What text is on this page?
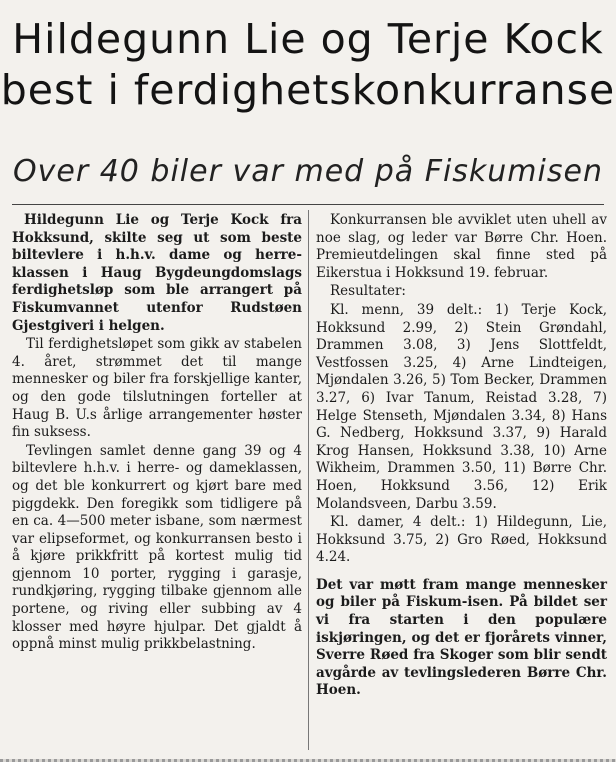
Hildegunn Lie og Terje Kock
best i ferdighetskonkurranse
Over 40 biler var med på Fiskumisen

Hildegunn Lie og Terje Kock fra Hokksund, skilte seg ut som beste biltevlere i h.h.v. dame og herre-klassen i Haug Bygdeungdomslags ferdighetsløp som ble arrangert på Fiskumvannet utenfor Rudstøen Gjestgiveri i helgen.

Til ferdighetsløpet som gikk av stabelen 4. året, strømmet det til mange mennesker og biler fra forskjellige kanter, og den gode tilslutningen forteller at Haug B. U.s årlige arrangementer høster fin suksess.

Tevlingen samlet denne gang 39 og 4 biltevlere h.h.v. i herre- og dameklassen, og det ble konkurrert og kjørt bare med piggdekk. Den foregikk som tidligere på en ca. 4—500 meter isbane, som nærmest var elipseformet, og konkurransen besto i å kjøre prikkfritt på kortest mulig tid gjennom 10 porter, rygging i garasje, rundkjøring, rygging tilbake gjennom alle portene, og riving eller subbing av 4 klosser med høyre hjulpar. Det gjaldt å oppnå minst mulig prikkbelastning.

Konkurransen ble avviklet uten uhell av noe slag, og leder var Børre Chr. Hoen. Premieutdelingen skal finne sted på Eikerstua i Hokksund 19. februar.

Resultater:

Kl. menn, 39 delt.: 1) Terje Kock, Hokksund 2.99, 2) Stein Grøndahl, Drammen 3.08, 3) Jens Slottfeldt, Vestfossen 3.25, 4) Arne Lindteigen, Mjøndalen 3.26, 5) Tom Becker, Drammen 3.27, 6) Ivar Tanum, Reistad 3.28, 7) Helge Stenseth, Mjøndalen 3.34, 8) Hans G. Nedberg, Hokksund 3.37, 9) Harald Krog Hansen, Hokksund 3.38, 10) Arne Wikheim, Drammen 3.50, 11) Børre Chr. Hoen, Hokksund 3.56, 12) Erik Molandsveen, Darbu 3.59.

Kl. damer, 4 delt.: 1) Hildegunn, Lie, Hokksund 3.75, 2) Gro Røed, Hokksund 4.24.

Det var møtt fram mange mennesker og biler på Fiskum-isen. På bildet ser vi fra starten i den populære iskjøringen, og det er fjorårets vinner, Sverre Røed fra Skoger som blir sendt avgårde av tevlingslederen Børre Chr. Hoen.
